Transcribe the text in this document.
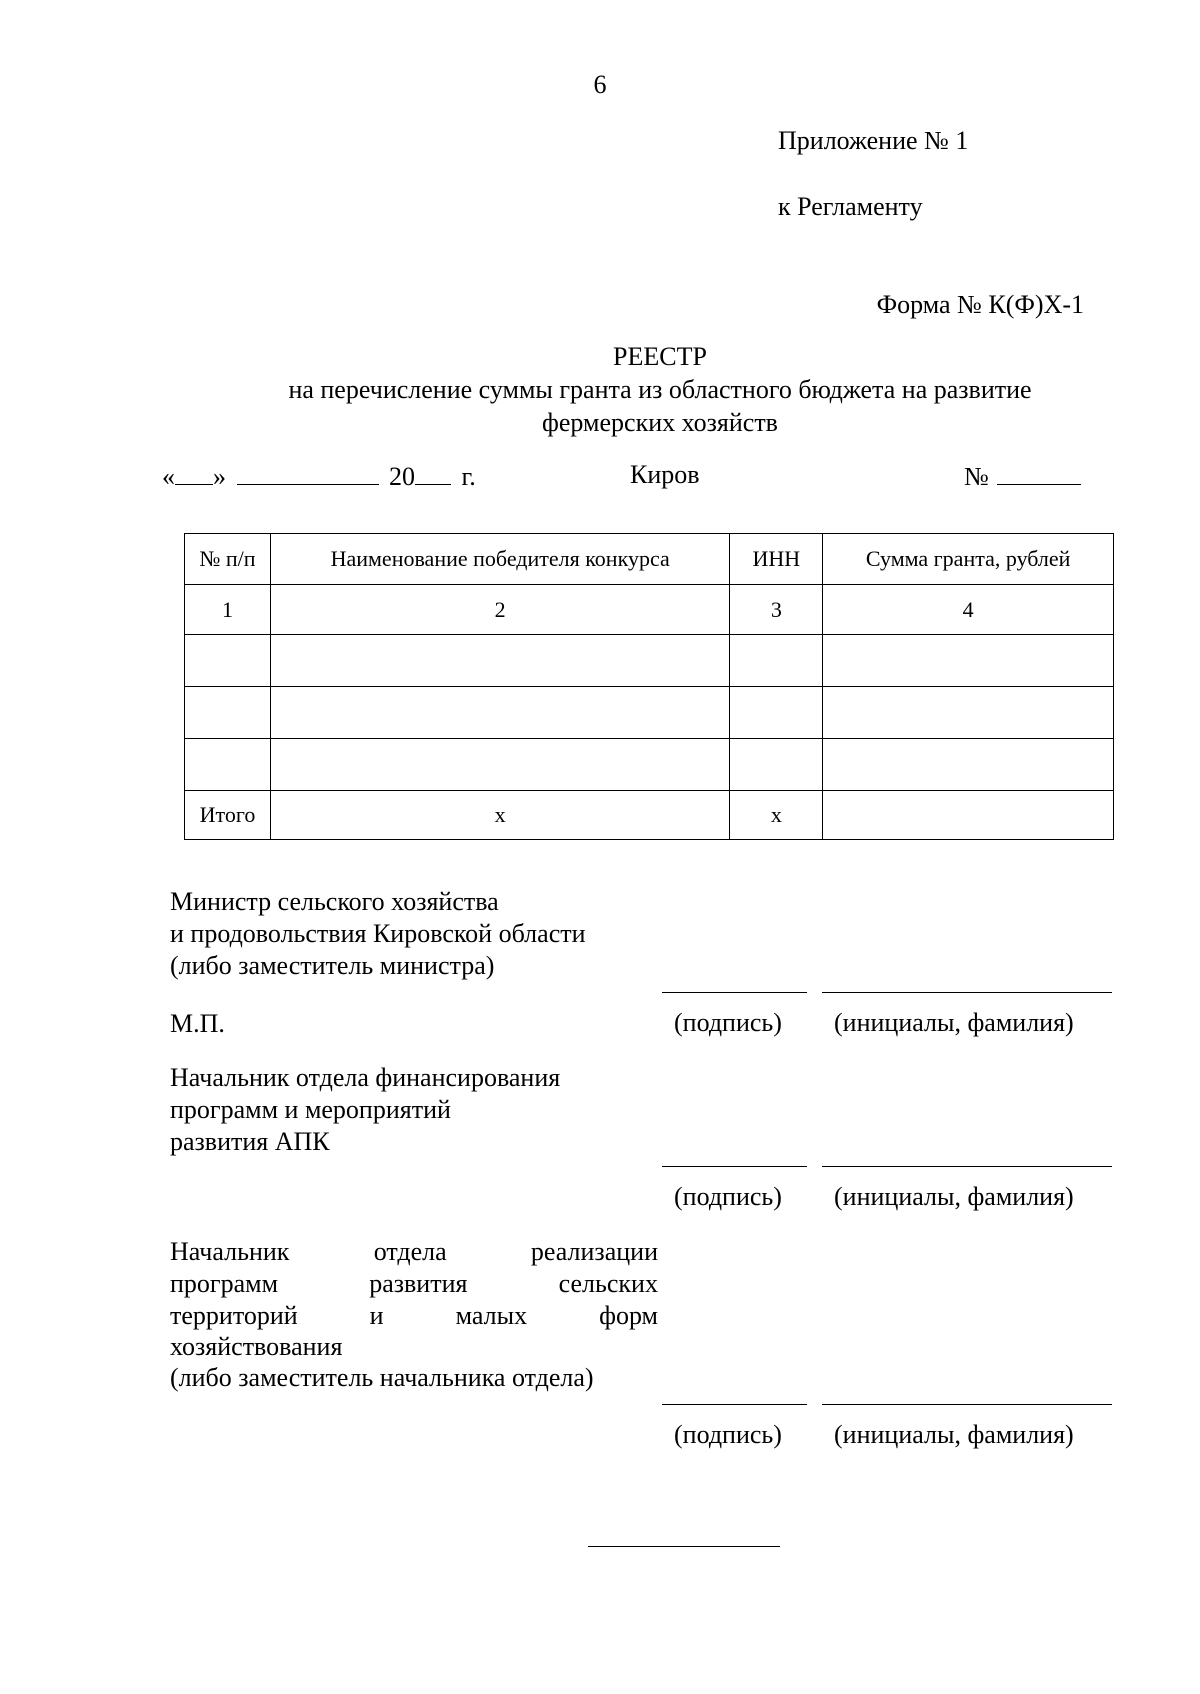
6
Приложение № 1
к Регламенту
Форма № К(Ф)Х-1
РЕЕСТР
на перечисление суммы гранта из областного бюджета на развитие
фермерских хозяйств
« »	20 г.	Киров	№
№ п/п	Наименование победителя конкурса	ИНН	Сумма гранта, рублей
1	2	3	4

Итого	х	х	
Министр сельского хозяйства
и продовольствия Кировской области
(либо заместитель министра)
М.П.	(подпись) (инициалы, фамилия)
Начальник отдела финансирования
программ и мероприятий
развития АПК
(подпись) (инициалы, фамилия)
Начальник	отдела	реализации
программ	развития	сельских
территорий	и	малых	форм
хозяйствования
(либо заместитель начальника отдела)
(подпись) (инициалы, фамилия)
